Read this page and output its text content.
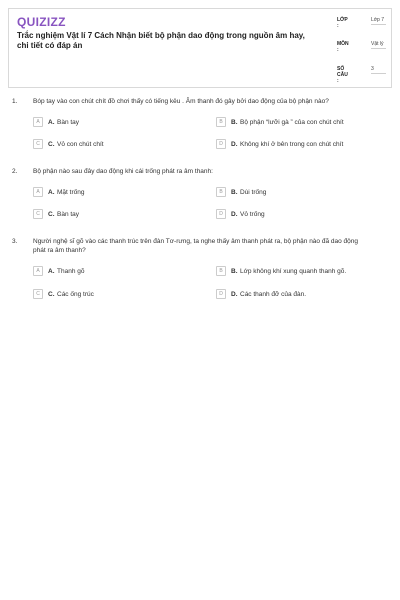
QUIZIZZ
Trắc nghiệm Vật lí 7 Cách Nhận biết bộ phận dao động trong nguồn âm hay, chi tiết có đáp án
LỚP :
Lớp 7
MÔN :
Vật lý
SỐ CÂU :
3
1. Bóp tay vào con chút chít đồ chơi thấy có tiếng kêu . Âm thanh đó gây bởi dao động của bộ phận nào?
A	A. Bàn tay	B	B. Bộ phận “lưỡi gà ” của con chút chít
C	C. Vỏ con chút chít	D	D. Không khí ở bên trong con chút chít
2. Bộ phận nào sau đây dao động khi cái trống phát ra âm thanh:
A	A. Mặt trống	B	B. Dùi trống
C	C. Bàn tay	D	D. Vỏ trống
3. Người nghệ sĩ gõ vào các thanh trúc trên đàn Tơ-rưng, ta nghe thấy âm thanh phát ra, bộ phận nào đã dao động phát ra âm thanh?
A	A. Thanh gõ	B	B. Lớp không khí xung quanh thanh gõ.
C	C. Các ống trúc	D	D. Các thanh đỡ của đàn.
